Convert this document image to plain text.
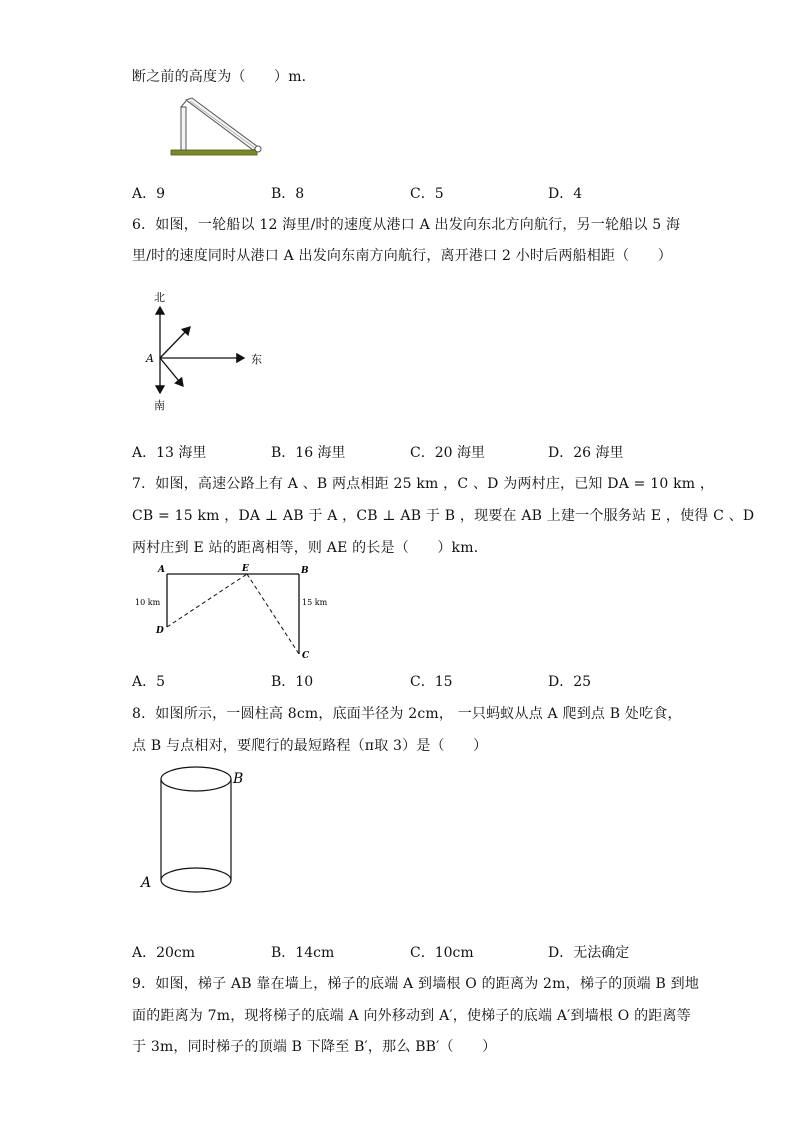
断之前的高度为（　　）m．
A．9	B．8	C．5	D．4
6．如图，一轮船以 12 海里/时的速度从港口 A 出发向东北方向航行，另一轮船以 5 海
里/时的速度同时从港口 A 出发向东南方向航行，离开港口 2 小时后两船相距（　　）
北
南
东
A
A．13 海里	B．16 海里	C．20 海里	D．26 海里
7．如图，高速公路上有 A 、B 两点相距 25 km ，C 、D 为两村庄，已知 DA = 10 km ，
CB = 15 km ，DA ⊥ AB 于 A ，CB ⊥ AB 于 B ，现要在 AB 上建一个服务站 E ，使得 C 、D
两村庄到 E 站的距离相等，则 AE 的长是（　　）km．
A	E	B
D
C
10 km	15 km
A．5	B．10	C．15	D．25
8．如图所示，一圆柱高 8cm，底面半径为 2cm， 一只蚂蚁从点 A 爬到点 B 处吃食，
点 B 与点相对，要爬行的最短路程（π取 3）是（　　）
B
A
A．20cm	B．14cm	C．10cm	D．无法确定
9．如图，梯子 AB 靠在墙上，梯子的底端 A 到墙根 O 的距离为 2m，梯子的顶端 B 到地
面的距离为 7m，现将梯子的底端 A 向外移动到 A′，使梯子的底端 A′到墙根 O 的距离等
于 3m，同时梯子的顶端 B 下降至 B′，那么 BB′（　　）
